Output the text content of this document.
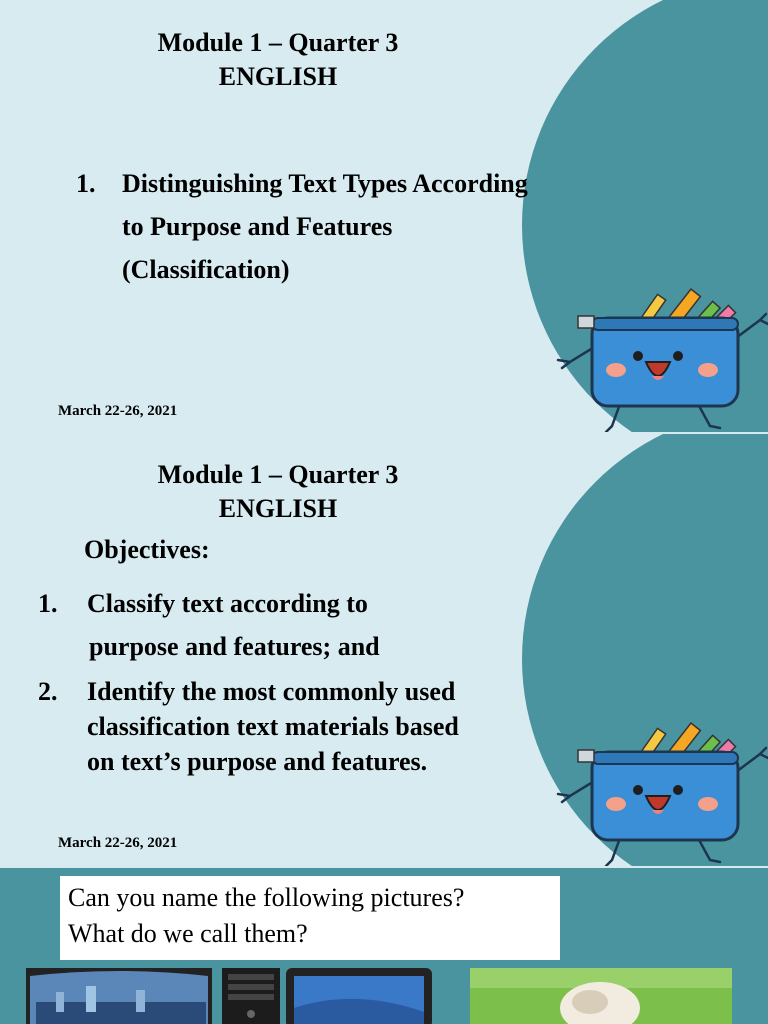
Module 1 – Quarter 3
ENGLISH
1. Distinguishing Text Types According
to Purpose and Features
(Classification)
March 22-26, 2021
Module 1 – Quarter 3
ENGLISH
Objectives:
1. Classify text according to
purpose and features; and
2. Identify the most commonly used
classification text materials based
on text’s purpose and features.
March 22-26, 2021
Can you name the following pictures?
What do we call them?
